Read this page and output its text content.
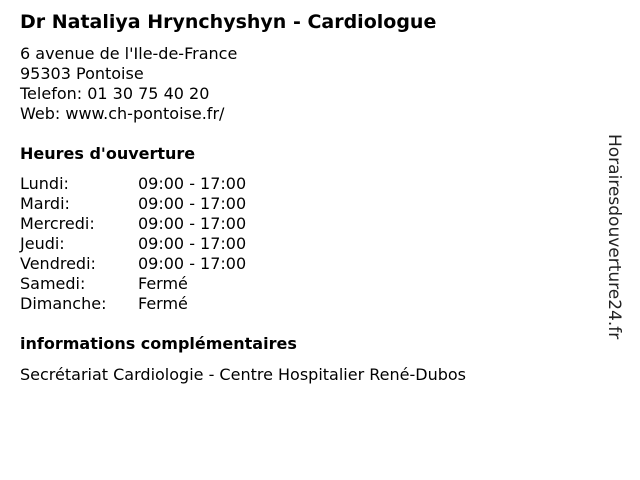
Dr Nataliya Hrynchyshyn - Cardiologue
6 avenue de l'Ile-de-France
95303 Pontoise
Telefon: 01 30 75 40 20
Web: www.ch-pontoise.fr/
Heures d'ouverture
Lundi:	09:00 - 17:00
Mardi:	09:00 - 17:00
Mercredi:	09:00 - 17:00
Jeudi:	09:00 - 17:00
Vendredi:	09:00 - 17:00
Samedi:	Fermé
Dimanche:	Fermé
informations complémentaires
Secrétariat Cardiologie - Centre Hospitalier René-Dubos
Horairesdouverture24.fr
